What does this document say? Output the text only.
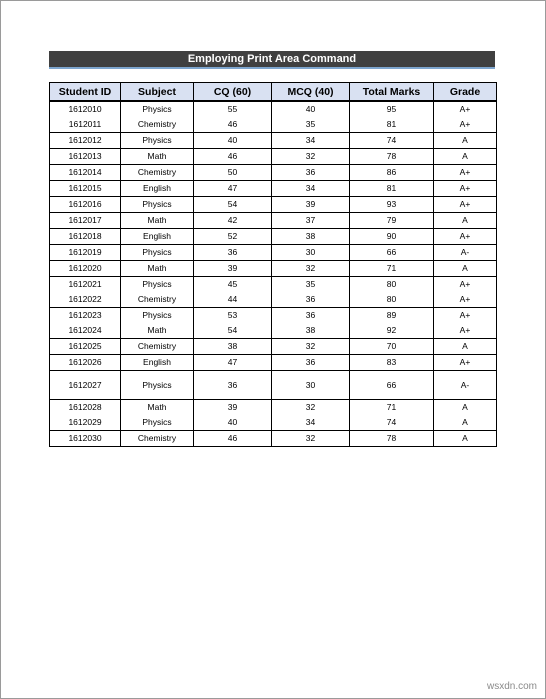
Employing Print Area Command
Student ID	Subject	CQ (60)	MCQ (40)	Total Marks	Grade
1612010	Physics	55	40	95	A+
1612011	Chemistry	46	35	81	A+
1612012	Physics	40	34	74	A
1612013	Math	46	32	78	A
1612014	Chemistry	50	36	86	A+
1612015	English	47	34	81	A+
1612016	Physics	54	39	93	A+
1612017	Math	42	37	79	A
1612018	English	52	38	90	A+
1612019	Physics	36	30	66	A-
1612020	Math	39	32	71	A
1612021	Physics	45	35	80	A+
1612022	Chemistry	44	36	80	A+
1612023	Physics	53	36	89	A+
1612024	Math	54	38	92	A+
1612025	Chemistry	38	32	70	A
1612026	English	47	36	83	A+
1612027	Physics	36	30	66	A-
1612028	Math	39	32	71	A
1612029	Physics	40	34	74	A
1612030	Chemistry	46	32	78	A
wsxdn.com
